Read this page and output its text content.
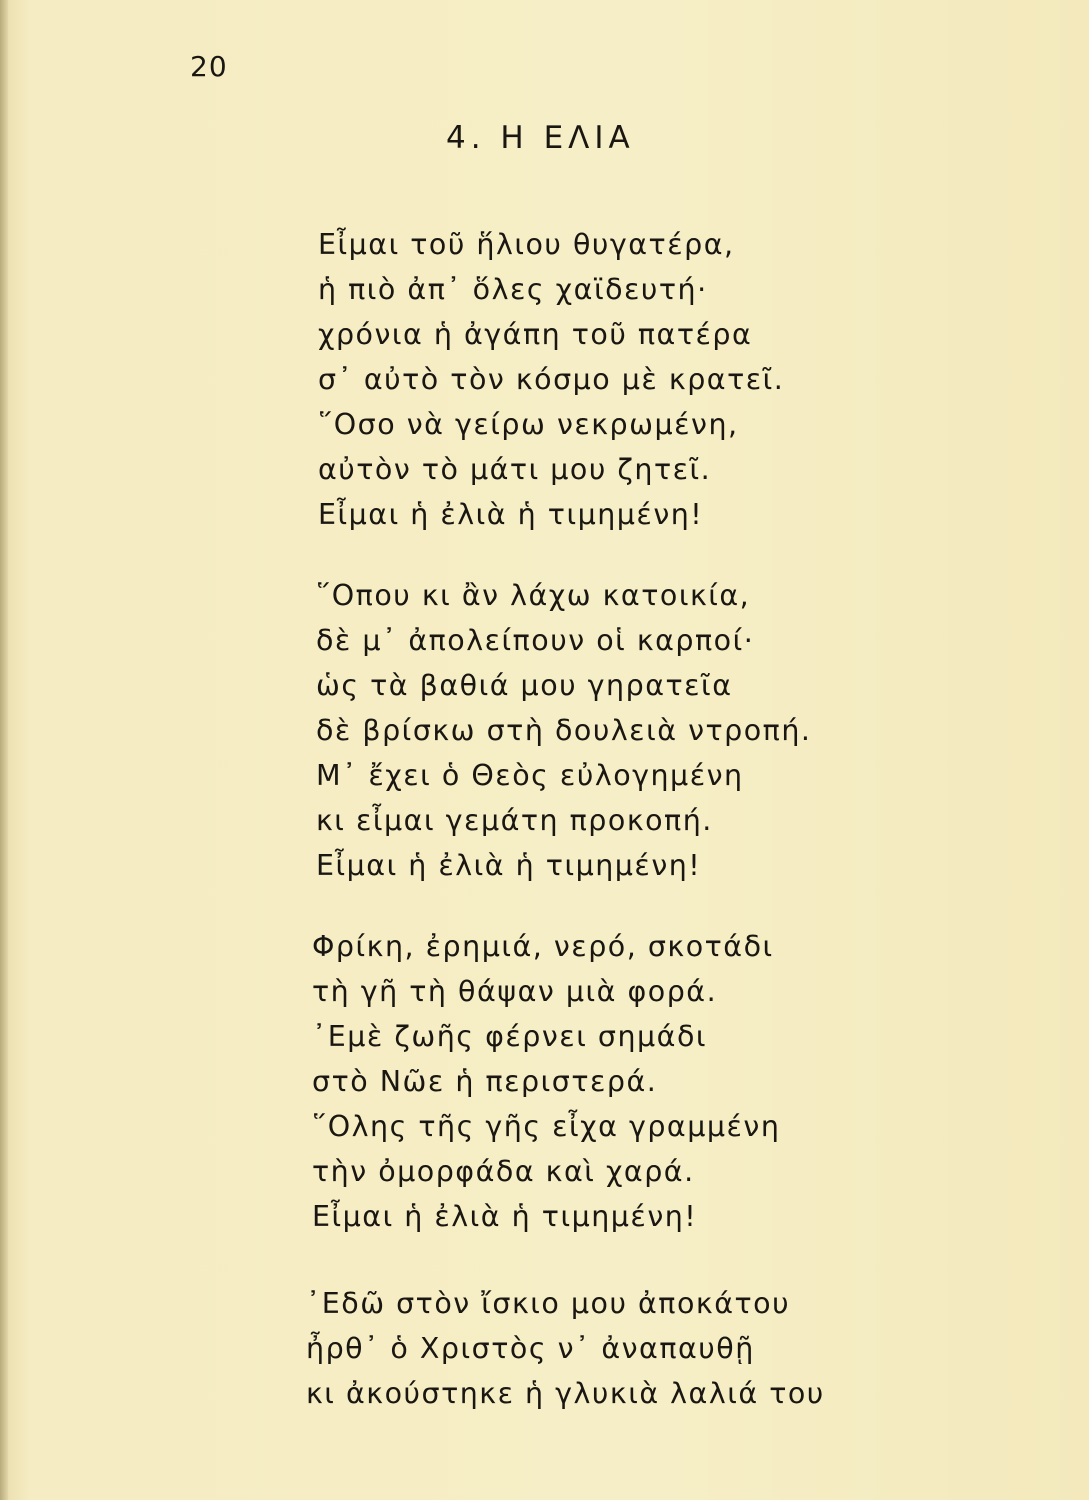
20
4. Η ΕΛΙΑ
Εἶμαι τοῦ ἥλιου θυγατέρα,
ἡ πιὸ ἀπ᾿ ὅλες χαϊδευτή·
χρόνια ἡ ἀγάπη τοῦ πατέρα
σ᾿ αὐτὸ τὸν κόσμο μὲ κρατεῖ.
῞Οσο νὰ γείρω νεκρωμένη,
αὐτὸν τὸ μάτι μου ζητεῖ.
Εἶμαι ἡ ἐλιὰ ἡ τιμημένη!
῞Οπου κι ἂν λάχω κατοικία,
δὲ μ᾿ ἀπολείπουν οἱ καρποί·
ὡς τὰ βαθιά μου γηρατεῖα
δὲ βρίσκω στὴ δουλειὰ ντροπή.
Μ᾿ ἔχει ὁ Θεὸς εὐλογημένη
κι εἶμαι γεμάτη προκοπή.
Εἶμαι ἡ ἐλιὰ ἡ τιμημένη!
Φρίκη, ἐρημιά, νερό, σκοτάδι
τὴ γῆ τὴ θάψαν μιὰ φορά.
᾿Εμὲ ζωῆς φέρνει σημάδι
στὸ Νῶε ἡ περιστερά.
῞Ολης τῆς γῆς εἶχα γραμμένη
τὴν ὀμορφάδα καὶ χαρά.
Εἶμαι ἡ ἐλιὰ ἡ τιμημένη!
᾿Εδῶ στὸν ἴσκιο μου ἀποκάτου
ἦρθ᾿ ὁ Χριστὸς ν᾿ ἀναπαυθῇ
κι ἀκούστηκε ἡ γλυκιὰ λαλιά του
